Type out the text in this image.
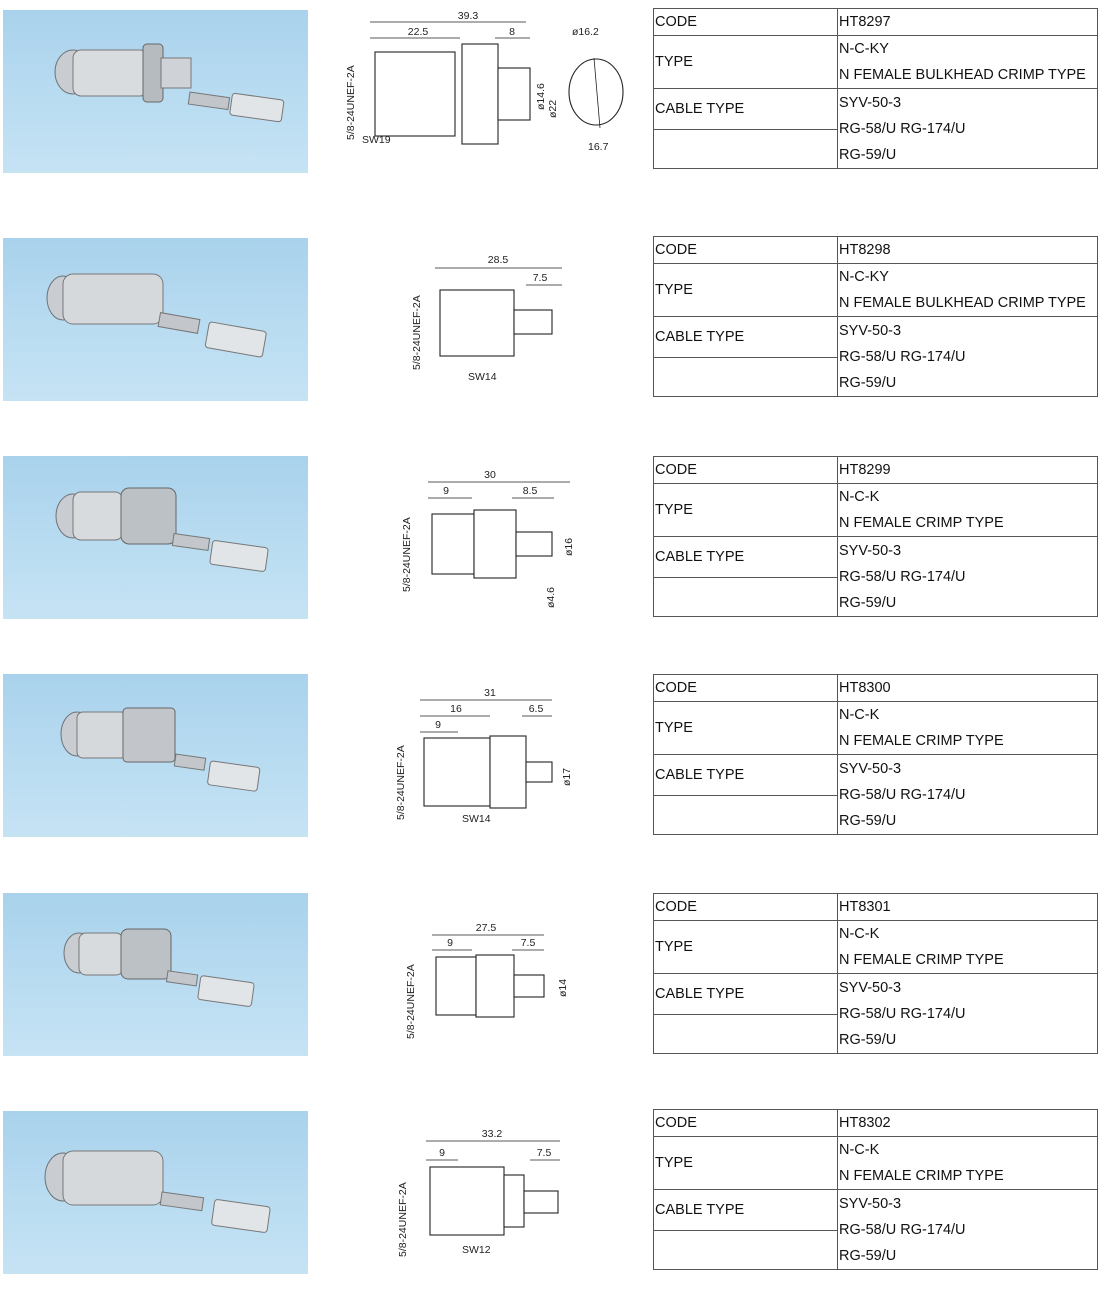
39.3
22.5	8
5/8-24UNEF-2A SW19
ø14.6 ø22
ø16.2
16.7
CODE	HT8297
TYPE	N-C-KY
N FEMALE BULKHEAD CRIMP TYPE

CABLE TYPE	SYV-50-3
RG-58/U RG-174/U
RG-59/U

28.5
7.5
5/8-24UNEF-2A
SW14
CODE	HT8298
TYPE	N-C-KY
N FEMALE BULKHEAD CRIMP TYPE

CABLE TYPE	SYV-50-3
RG-58/U RG-174/U
RG-59/U

30
9	8.5
5/8-24UNEF-2A	ø16
ø4.6
CODE	HT8299
TYPE	N-C-K
N FEMALE CRIMP TYPE

CABLE TYPE	SYV-50-3
RG-58/U RG-174/U
RG-59/U

31
16	6.5
9
5/8-24UNEF-2A	SW14
ø17
CODE	HT8300
TYPE	N-C-K
N FEMALE CRIMP TYPE

CABLE TYPE	SYV-50-3
RG-58/U RG-174/U
RG-59/U

27.5
9	7.5
5/8-24UNEF-2A	ø14
CODE	HT8301
TYPE	N-C-K
N FEMALE CRIMP TYPE

CABLE TYPE	SYV-50-3
RG-58/U RG-174/U
RG-59/U

33.2
9	7.5
5/8-24UNEF-2A	SW12
CODE	HT8302
TYPE	N-C-K
N FEMALE CRIMP TYPE

CABLE TYPE	SYV-50-3
RG-58/U RG-174/U
RG-59/U
